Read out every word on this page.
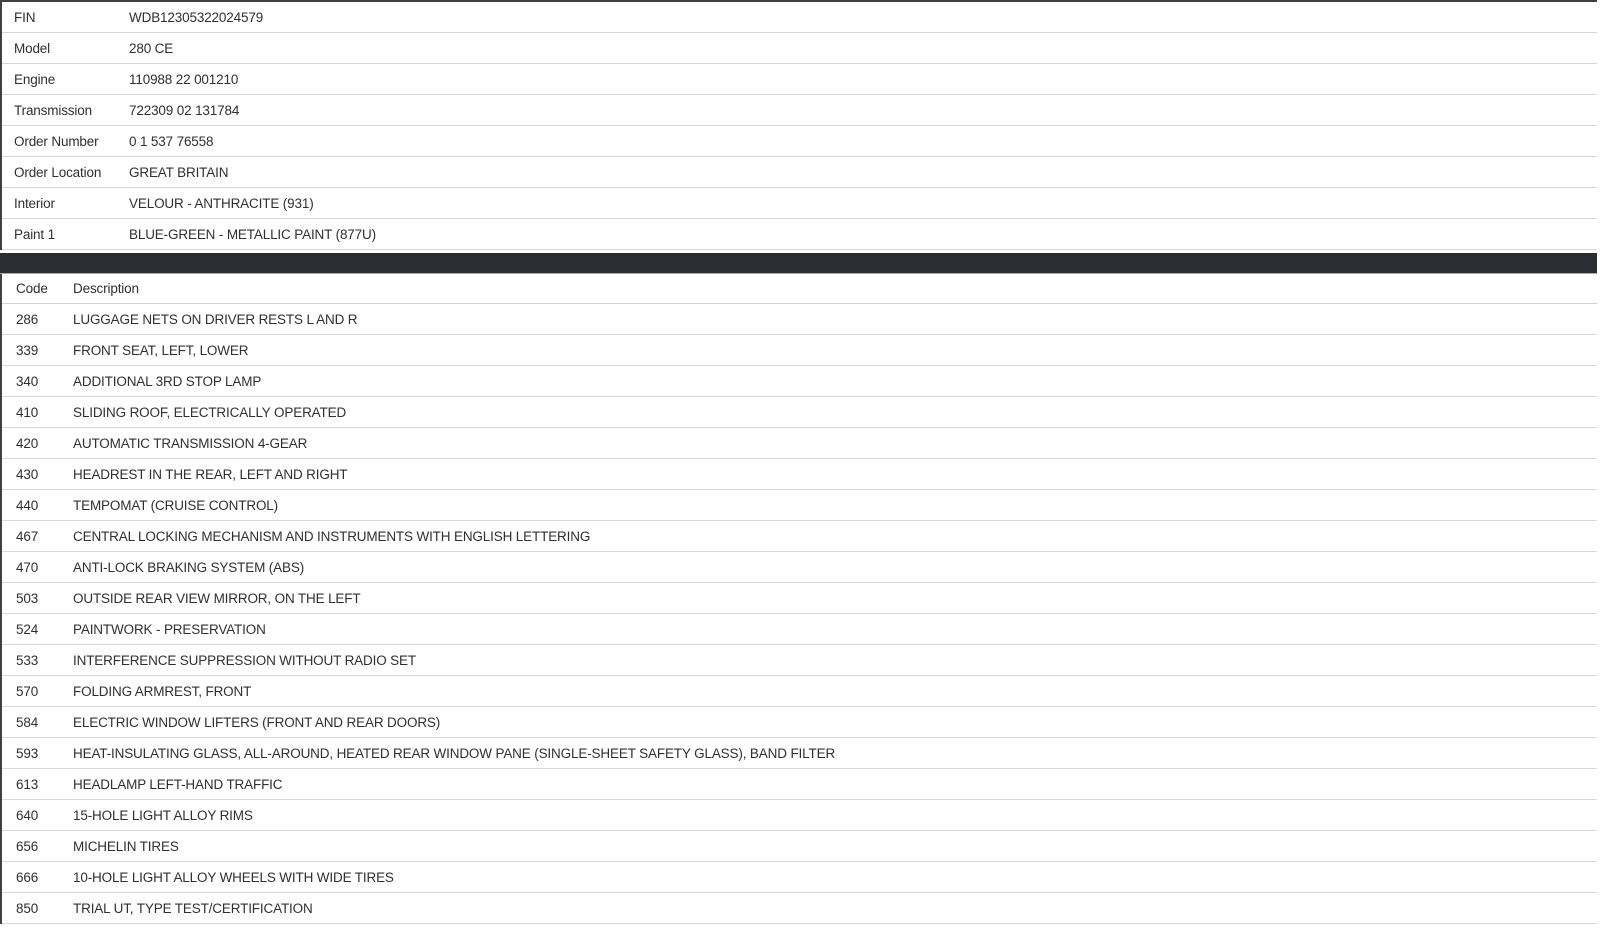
FIN	WDB12305322024579
Model	280 CE
Engine	110988 22 001210
Transmission	722309 02 131784
Order Number	0 1 537 76558
Order Location	GREAT BRITAIN
Interior	VELOUR - ANTHRACITE (931)
Paint 1	BLUE-GREEN - METALLIC PAINT (877U)
Code	Description
286	LUGGAGE NETS ON DRIVER RESTS L AND R
339	FRONT SEAT, LEFT, LOWER
340	ADDITIONAL 3RD STOP LAMP
410	SLIDING ROOF, ELECTRICALLY OPERATED
420	AUTOMATIC TRANSMISSION 4-GEAR
430	HEADREST IN THE REAR, LEFT AND RIGHT
440	TEMPOMAT (CRUISE CONTROL)
467	CENTRAL LOCKING MECHANISM AND INSTRUMENTS WITH ENGLISH LETTERING
470	ANTI-LOCK BRAKING SYSTEM (ABS)
503	OUTSIDE REAR VIEW MIRROR, ON THE LEFT
524	PAINTWORK - PRESERVATION
533	INTERFERENCE SUPPRESSION WITHOUT RADIO SET
570	FOLDING ARMREST, FRONT
584	ELECTRIC WINDOW LIFTERS (FRONT AND REAR DOORS)
593	HEAT-INSULATING GLASS, ALL-AROUND, HEATED REAR WINDOW PANE (SINGLE-SHEET SAFETY GLASS), BAND FILTER
613	HEADLAMP LEFT-HAND TRAFFIC
640	15-HOLE LIGHT ALLOY RIMS
656	MICHELIN TIRES
666	10-HOLE LIGHT ALLOY WHEELS WITH WIDE TIRES
850	TRIAL UT, TYPE TEST/CERTIFICATION
